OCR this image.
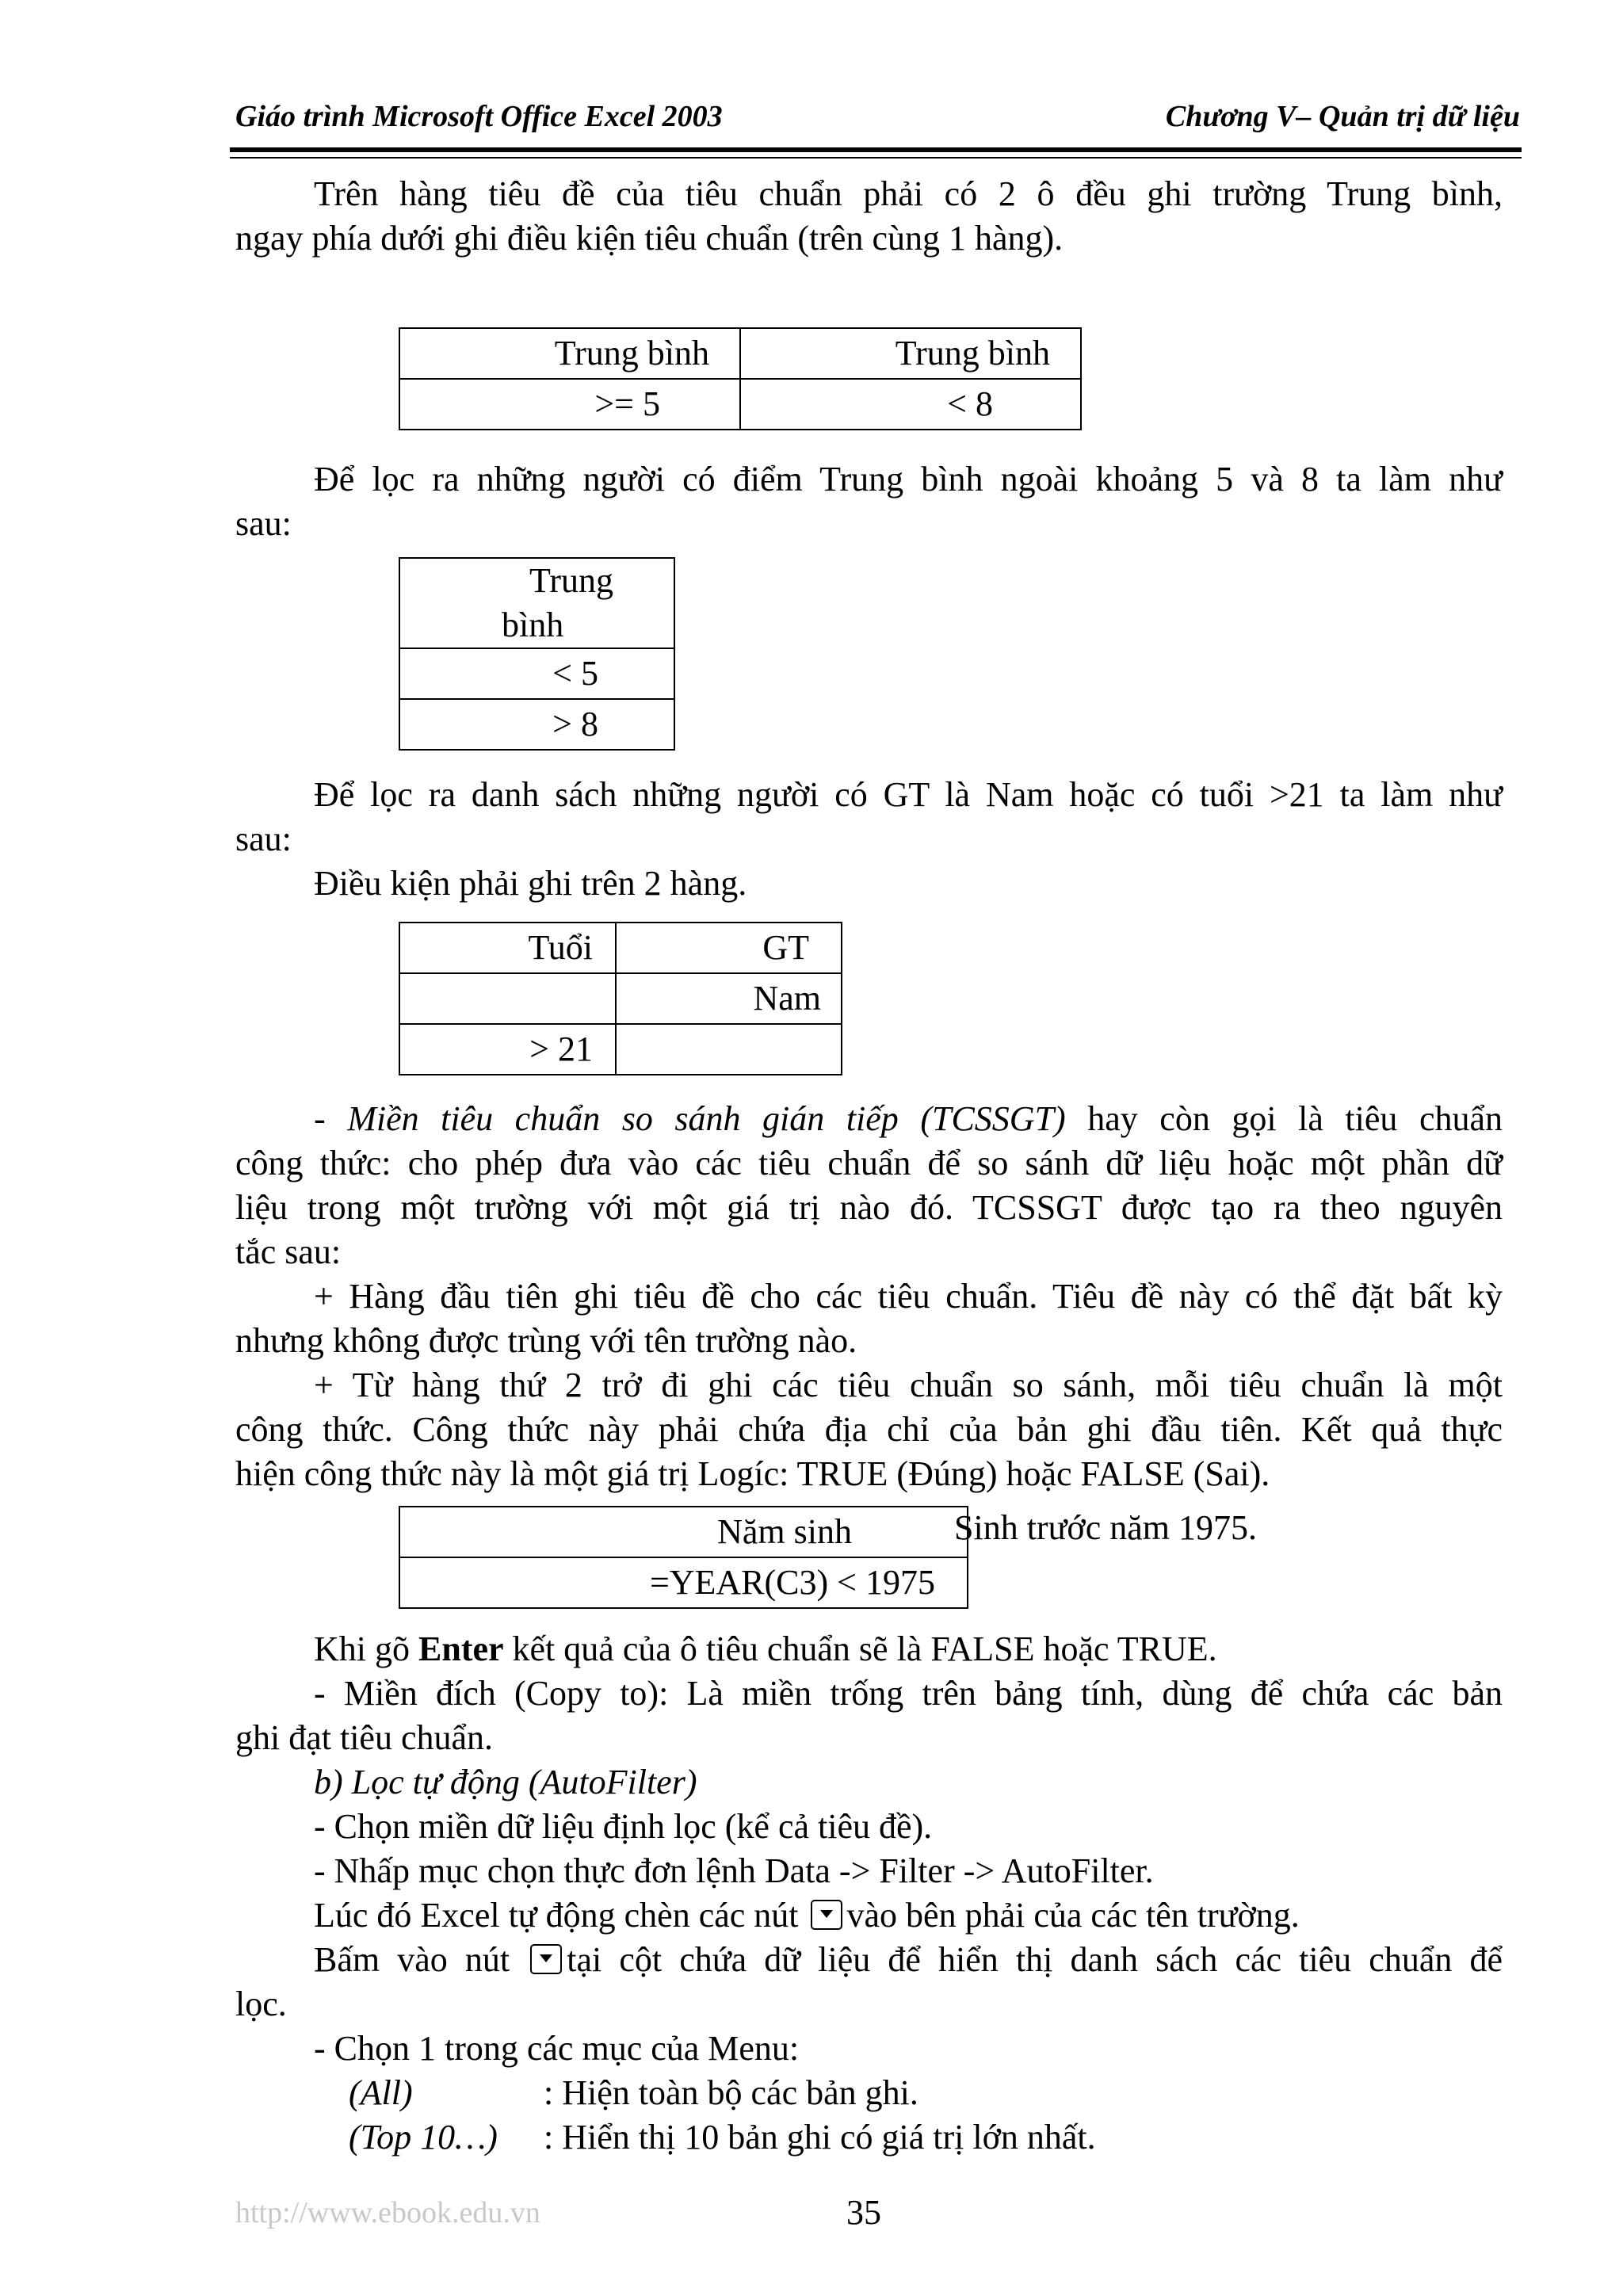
Giáo trình Microsoft Office Excel 2003	Chương V– Quản trị dữ liệu
Trên hàng tiêu đề của tiêu chuẩn phải có 2 ô đều ghi trường Trung bình,
ngay phía dưới ghi điều kiện tiêu chuẩn (trên cùng 1 hàng).
Trung bình	Trung bình
>= 5	< 8
Để lọc ra những người có điểm Trung bình ngoài khoảng 5 và 8 ta làm như
sau:
Trung
bình

< 5
> 8
Để lọc ra danh sách những người có GT là Nam hoặc có tuổi >21 ta làm như
sau:
Điều kiện phải ghi trên 2 hàng.
Tuổi	GT
	Nam
> 21	
- Miền tiêu chuẩn so sánh gián tiếp (TCSSGT) hay còn gọi là tiêu chuẩn
công thức: cho phép đưa vào các tiêu chuẩn để so sánh dữ liệu hoặc một phần dữ
liệu trong một trường với một giá trị nào đó. TCSSGT được tạo ra theo nguyên
tắc sau:
+ Hàng đầu tiên ghi tiêu đề cho các tiêu chuẩn. Tiêu đề này có thể đặt bất kỳ
nhưng không được trùng với tên trường nào.
+ Từ hàng thứ 2 trở đi ghi các tiêu chuẩn so sánh, mỗi tiêu chuẩn là một
công thức. Công thức này phải chứa địa chỉ của bản ghi đầu tiên. Kết quả thực
hiện công thức này là một giá trị Logíc: TRUE (Đúng) hoặc FALSE (Sai).
Năm sinh
=YEAR(C3) < 1975
Sinh trước năm 1975.
Khi gõ Enter kết quả của ô tiêu chuẩn sẽ là FALSE hoặc TRUE.
- Miền đích (Copy to): Là miền trống trên bảng tính, dùng để chứa các bản
ghi đạt tiêu chuẩn.
b) Lọc tự động (AutoFilter)
- Chọn miền dữ liệu định lọc (kể cả tiêu đề).
- Nhấp mục chọn thực đơn lệnh Data -> Filter -> AutoFilter.
Lúc đó Excel tự động chèn các nút vào bên phải của các tên trường.
Bấm vào nút tại cột chứa dữ liệu để hiển thị danh sách các tiêu chuẩn để
lọc.
- Chọn 1 trong các mục của Menu:
(All)	: Hiện toàn bộ các bản ghi.
(Top 10…) : Hiển thị 10 bản ghi có giá trị lớn nhất.
http://www.ebook.edu.vn	35
